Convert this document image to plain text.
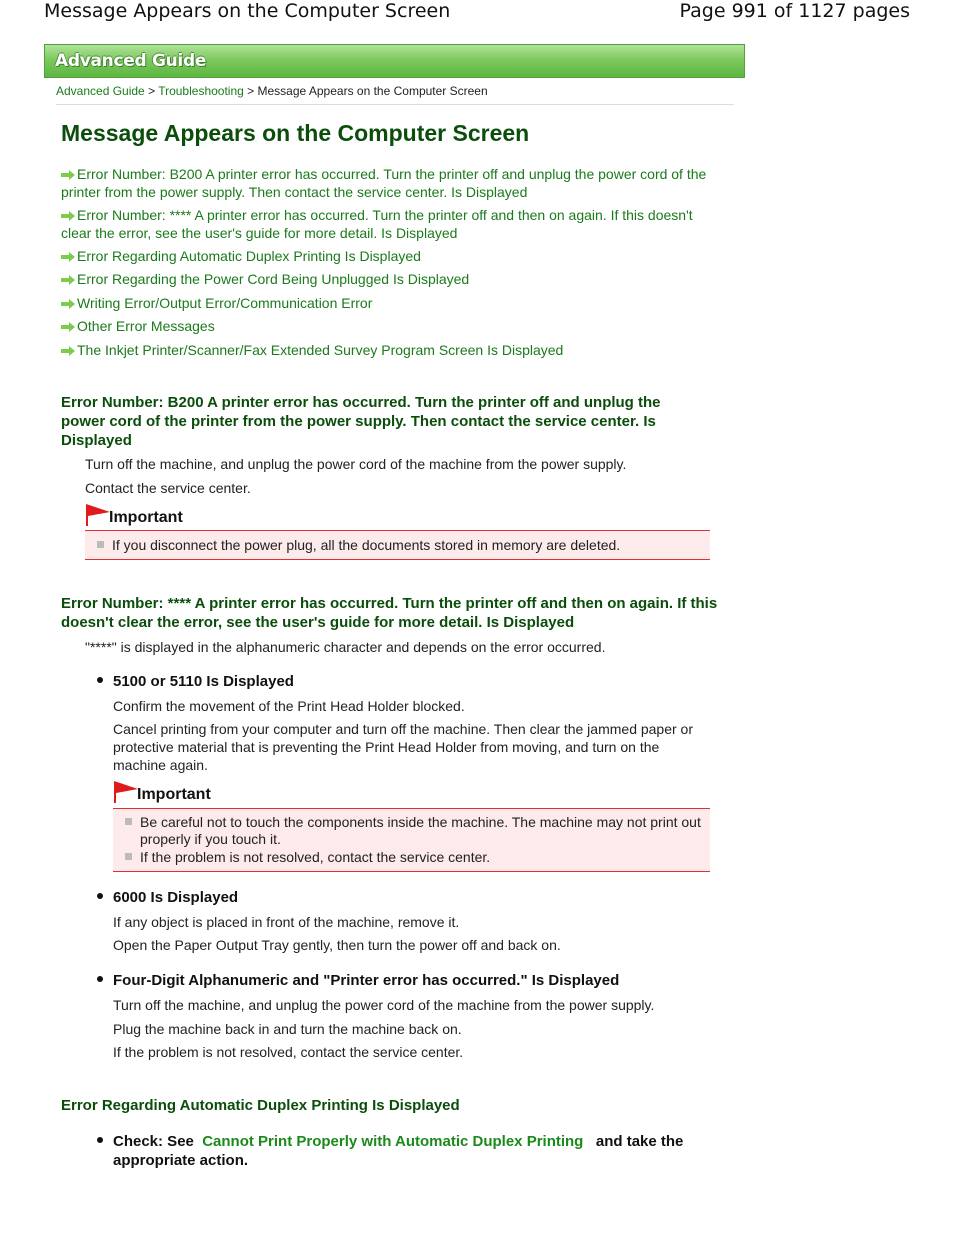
Message Appears on the Computer Screen	Page 991 of 1127 pages
Advanced Guide
Advanced Guide > Troubleshooting > Message Appears on the Computer Screen
Message Appears on the Computer Screen
Error Number: B200 A printer error has occurred. Turn the printer off and unplug the power cord of the printer from the power supply. Then contact the service center. Is Displayed
Error Number: **** A printer error has occurred. Turn the printer off and then on again. If this doesn't clear the error, see the user's guide for more detail. Is Displayed
Error Regarding Automatic Duplex Printing Is Displayed
Error Regarding the Power Cord Being Unplugged Is Displayed
Writing Error/Output Error/Communication Error
Other Error Messages
The Inkjet Printer/Scanner/Fax Extended Survey Program Screen Is Displayed
Error Number: B200 A printer error has occurred. Turn the printer off and unplug the power cord of the printer from the power supply. Then contact the service center. Is Displayed
Turn off the machine, and unplug the power cord of the machine from the power supply.
Contact the service center.
Important
If you disconnect the power plug, all the documents stored in memory are deleted.
Error Number: **** A printer error has occurred. Turn the printer off and then on again. If this doesn't clear the error, see the user's guide for more detail. Is Displayed
"****" is displayed in the alphanumeric character and depends on the error occurred.
5100 or 5110 Is Displayed
Confirm the movement of the Print Head Holder blocked.
Cancel printing from your computer and turn off the machine. Then clear the jammed paper or protective material that is preventing the Print Head Holder from moving, and turn on the machine again.
Important
Be careful not to touch the components inside the machine. The machine may not print out properly if you touch it.
If the problem is not resolved, contact the service center.
6000 Is Displayed
If any object is placed in front of the machine, remove it.
Open the Paper Output Tray gently, then turn the power off and back on.
Four-Digit Alphanumeric and "Printer error has occurred." Is Displayed
Turn off the machine, and unplug the power cord of the machine from the power supply.
Plug the machine back in and turn the machine back on.
If the problem is not resolved, contact the service center.
Error Regarding Automatic Duplex Printing Is Displayed
Check: See Cannot Print Properly with Automatic Duplex Printing and take the appropriate action.
